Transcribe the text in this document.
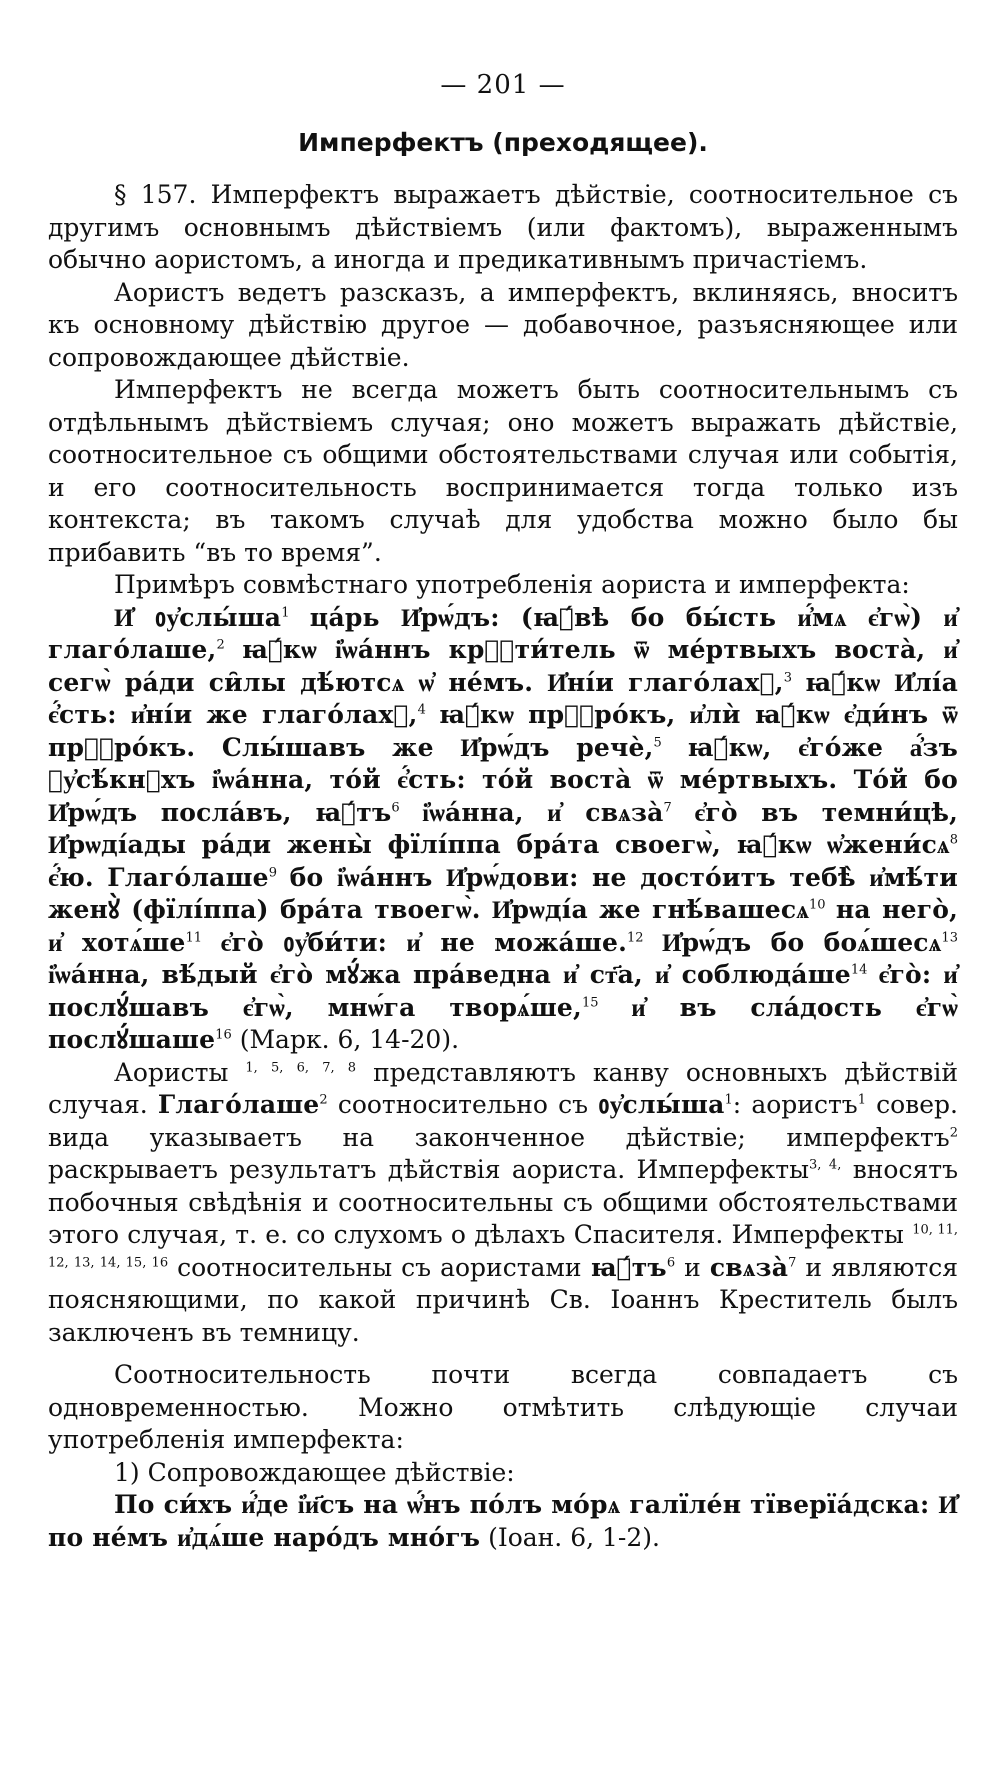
— 201 —
Имперфектъ (преходящее).

§ 157. Имперфектъ выражаетъ дѣйствіе, соотносительное съ другимъ основнымъ дѣйствіемъ (или фактомъ), выраженнымъ обычно аористомъ, а иногда и предикативнымъ причастіемъ.

Аористъ ведетъ разсказъ, а имперфектъ, вклиняясь, вноситъ къ основному дѣйствію другое — добавочное, разъясняющее или сопровождающее дѣйствіе.

Имперфектъ не всегда можетъ быть соотносительнымъ съ отдѣльнымъ дѣйствіемъ случая; оно можетъ выражать дѣйствіе, соотносительное съ общими обстоятельствами случая или событія, и его соотносительность воспринимается тогда только изъ контекста; въ такомъ случаѣ для удобства можно было бы прибавить “въ то время”.

Примѣръ совмѣстнаго употребленія аориста и имперфекта:

И҆ $ᲂу҆слы́ша^1$ ца́рь И҆рѡ́дъ: (ꙗ҆́вѣ бо бы́сть и҆́мѧ є҆гѡ̀) и҆ глаго́лаше,$^2$ ꙗ҆́кѡ і҆ѡа́ннъ крⷭ҇ти́тель ѿ ме́ртвыхъ воста̀, и҆ сегѡ̀ ра́ди си̑лы дѣ́ютсѧ ѡ҆ не́мъ. И҆ні́и глаго́лахꙋ,$^3$ ꙗ҆́кѡ И҆лі́а є҆́сть: и҆ні́и же глаго́лахꙋ,$^4$ ꙗ҆́кѡ прⷪ҇ро́къ, и҆лѝ ꙗ҆́кѡ є҆ди́нъ ѿ прⷪ҇ро́къ. Слы́шавъ же И҆рѡ́дъ речѐ,$^5$ ꙗ҆́кѡ, є҆го́же а҆́зъ ᲂу҆сѣ́кнꙋхъ і҆ѡа́нна, то́й є҆́сть: то́й воста̀ ѿ ме́ртвыхъ. То́й бо И҆рѡ́дъ посла́въ, $ꙗ҆́тъ^6$ і҆ѡа́нна, и҆ свѧза̀$^7$ є҆го̀ въ темни́цѣ, И҆рѡді́ады ра́ди жены̀ фїлі́ппа бра́та своегѡ̀, ꙗ҆́кѡ $ѡ҆жени́сѧ^8$ є҆́ю. Глаго́лаше$^9$ бо і҆ѡа́ннъ И҆рѡ́дови: не досто́итъ тебѣ̀ и҆мѣ́ти женꙋ̀ (фїлі́ппа) бра́та твоегѡ̀. И҆рѡді́а же гнѣ́вашесѧ$^{10}$ на него̀, и҆ $хотѧ́ше^{11}$ є҆го̀ ᲂу҆би́ти: и҆ не можа́ше.$^{12}$ И҆рѡ́дъ бо боѧ́шесѧ$^{13}$ і҆ѡа́нна, вѣ́дый є҆го̀ мꙋ́жа пра́ведна и҆ ст҃а, и҆ $соблюда́ше^{14}$ є҆го̀: и҆ послꙋ́шавъ є҆гѡ̀, мнѡ́га творѧ́ше,$^{15}$ и҆ въ сла́дость є҆гѡ̀ послꙋ́шаше$^{16}$ (Марк. 6, 14-20).

Аористы $^{1, 5, 6, 7, 8}$ представляютъ канву основныхъ дѣйствій случая. Глаго́лаше$^2$ соотносительно съ $ᲂу҆слы́ша^1$: аористъ$^1$ совер. вида указываетъ на законченное дѣйствіе; имперфектъ$^2$ раскрываетъ результатъ дѣйствія аориста. Имперфекты$^{3, 4,}$ вносятъ побочныя свѣдѣнія и соотносительны съ общими обстоятельствами этого случая, т. е. со слухомъ о дѣлахъ Спасителя. Имперфекты $^{10, 11, 12, 13, 14, 15, 16}$ соотносительны съ аористами $ꙗ҆́тъ^6$ и свѧза̀$^7$ и являются поясняющими, по какой причинѣ Св. Іоаннъ Креститель былъ заключенъ въ темницу.

Соотносительность почти всегда совпадаетъ съ одновременностью. Можно отмѣтить слѣдующіе случаи употребленія имперфекта:

1) Сопровождающее дѣйствіе:

По си́хъ и҆́де і҆и҃съ на ѡ҆́нъ по́лъ мо́рѧ галїле́н тїверїа́дска: И҆ по не́мъ и҆дѧ́ше наро́дъ мно́гъ (Іоан. 6, 1-2).
